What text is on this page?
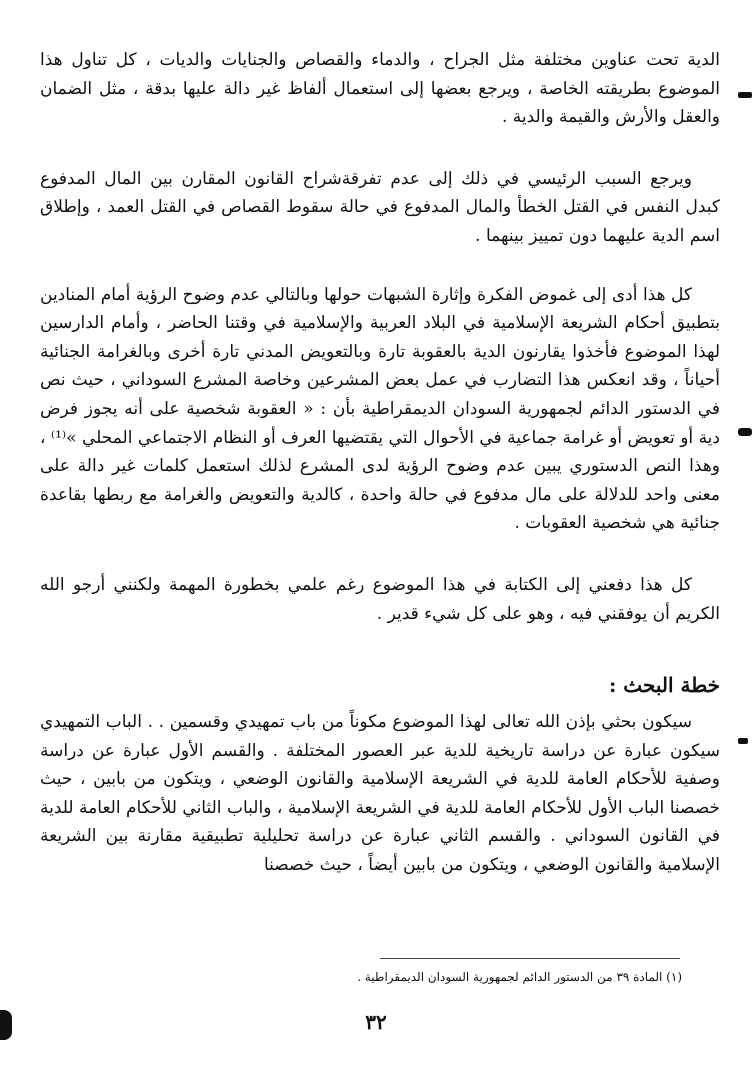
الدية تحت عناوين مختلفة مثل الجراح ، والدماء والقصاص والجنايات والديات ، كل تناول هذا الموضوع بطريقته الخاصة ، ويرجع بعضها إلى استعمال ألفاظ غير دالة عليها بدقة ، مثل الضمان والعقل والأرش والقيمة والدية .

ويرجع السبب الرئيسي في ذلك إلى عدم تفرقةشراح القانون المقارن بين المال المدفوع كبدل النفس في القتل الخطأ والمال المدفوع في حالة سقوط القصاص في القتل العمد ، وإطلاق اسم الدية عليهما دون تمييز بينهما .

كل هذا أدى إلى غموض الفكرة وإثارة الشبهات حولها وبالتالي عدم وضوح الرؤية أمام المنادين بتطبيق أحكام الشريعة الإسلامية في البلاد العربية والإسلامية في وقتنا الحاضر ، وأمام الدارسين لهذا الموضوع فأخذوا يقارنون الدية بالعقوبة تارة وبالتعويض المدني تارة أخرى وبالغرامة الجنائية أحياناً ، وقد انعكس هذا التضارب في عمل بعض المشرعين وخاصة المشرع السوداني ، حيث نص في الدستور الدائم لجمهورية السودان الديمقراطية بأن : « العقوبة شخصية على أنه يجوز فرض دية أو تعويض أو غرامة جماعية في الأحوال التي يقتضيها العرف أو النظام الاجتماعي المحلي »⁽¹⁾ ، وهذا النص الدستوري يبين عدم وضوح الرؤية لدى المشرع لذلك استعمل كلمات غير دالة على معنى واحد للدلالة على مال مدفوع في حالة واحدة ، كالدية والتعويض والغرامة مع ربطها بقاعدة جنائية هي شخصية العقوبات .

كل هذا دفعني إلى الكتابة في هذا الموضوع رغم علمي بخطورة المهمة ولكنني أرجو الله الكريم أن يوفقني فيه ، وهو على كل شيء قدير .

خطة البحث :

سيكون بحثي بإذن الله تعالى لهذا الموضوع مكوناً من باب تمهيدي وقسمين . . الباب التمهيدي سيكون عبارة عن دراسة تاريخية للدية عبر العصور المختلفة . والقسم الأول عبارة عن دراسة وصفية للأحكام العامة للدية في الشريعة الإسلامية والقانون الوضعي ، ويتكون من بابين ، حيث خصصنا الباب الأول للأحكام العامة للدية في الشريعة الإسلامية ، والباب الثاني للأحكام العامة للدية في القانون السوداني . والقسم الثاني عبارة عن دراسة تحليلية تطبيقية مقارنة بين الشريعة الإسلامية والقانون الوضعي ، ويتكون من بابين أيضاً ، حيث خصصنا

(١) المادة ٣٩ من الدستور الدائم لجمهورية السودان الديمقراطية .
٣٢
